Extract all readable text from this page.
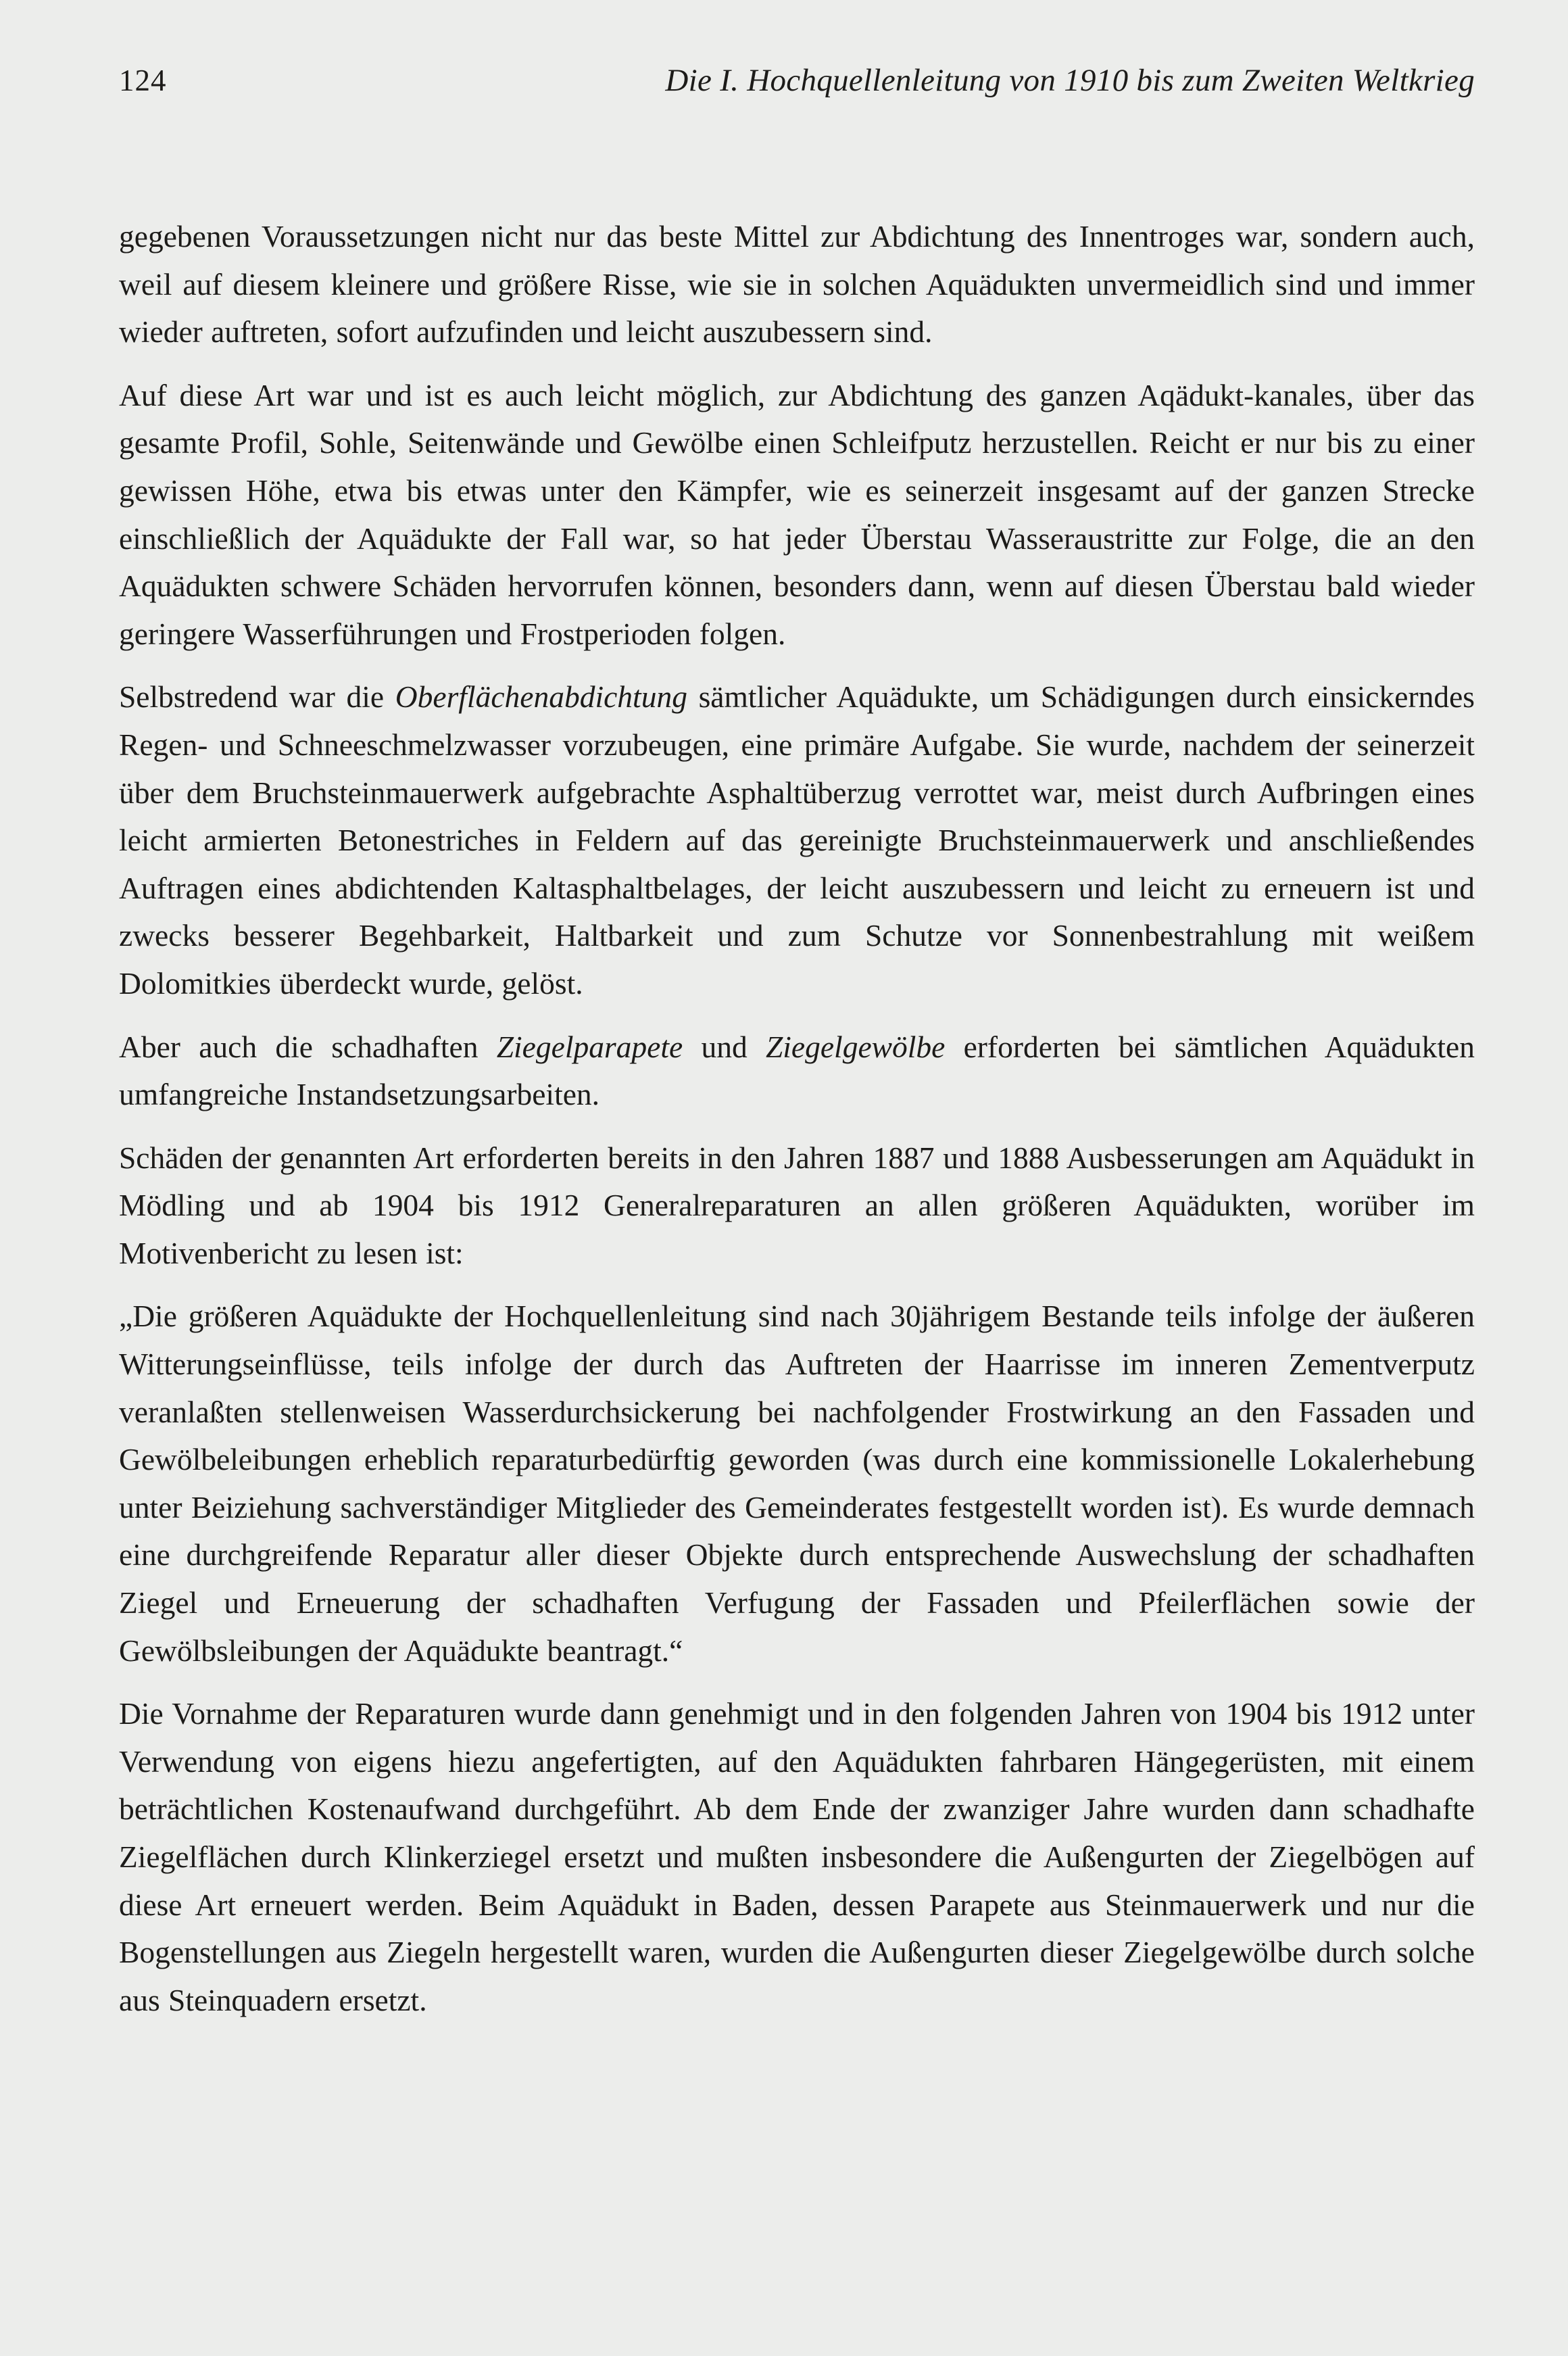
124	Die I. Hochquellenleitung von 1910 bis zum Zweiten Weltkrieg

gegebenen Voraussetzungen nicht nur das beste Mittel zur Abdichtung des Innentroges war, sondern auch, weil auf diesem kleinere und größere Risse, wie sie in solchen Aquädukten unvermeidlich sind und immer wieder auftreten, sofort aufzufinden und leicht auszubessern sind.

Auf diese Art war und ist es auch leicht möglich, zur Abdichtung des ganzen Aqädukt-kanales, über das gesamte Profil, Sohle, Seitenwände und Gewölbe einen Schleifputz herzustellen. Reicht er nur bis zu einer gewissen Höhe, etwa bis etwas unter den Kämpfer, wie es seinerzeit insgesamt auf der ganzen Strecke einschließlich der Aquädukte der Fall war, so hat jeder Überstau Wasseraustritte zur Folge, die an den Aquädukten schwere Schäden hervorrufen können, besonders dann, wenn auf diesen Überstau bald wieder geringere Wasserführungen und Frostperioden folgen.

Selbstredend war die Oberflächenabdichtung sämtlicher Aquädukte, um Schädigungen durch einsickerndes Regen- und Schneeschmelzwasser vorzubeugen, eine primäre Aufgabe. Sie wurde, nachdem der seinerzeit über dem Bruchsteinmauerwerk aufgebrachte Asphaltüberzug verrottet war, meist durch Aufbringen eines leicht armierten Betonestriches in Feldern auf das gereinigte Bruchsteinmauerwerk und anschließendes Auftragen eines abdichtenden Kaltasphaltbelages, der leicht auszubessern und leicht zu erneuern ist und zwecks besserer Begehbarkeit, Haltbarkeit und zum Schutze vor Sonnenbestrahlung mit weißem Dolomitkies überdeckt wurde, gelöst.

Aber auch die schadhaften Ziegelparapete und Ziegelgewölbe erforderten bei sämtlichen Aquädukten umfangreiche Instandsetzungsarbeiten.

Schäden der genannten Art erforderten bereits in den Jahren 1887 und 1888 Ausbesserungen am Aquädukt in Mödling und ab 1904 bis 1912 Generalreparaturen an allen größeren Aquädukten, worüber im Motivenbericht zu lesen ist:

„Die größeren Aquädukte der Hochquellenleitung sind nach 30jährigem Bestande teils infolge der äußeren Witterungseinflüsse, teils infolge der durch das Auftreten der Haarrisse im inneren Zementverputz veranlaßten stellenweisen Wasserdurchsickerung bei nachfolgender Frostwirkung an den Fassaden und Gewölbeleibungen erheblich reparaturbedürftig geworden (was durch eine kommissionelle Lokalerhebung unter Beiziehung sachverständiger Mitglieder des Gemeinderates festgestellt worden ist). Es wurde demnach eine durchgreifende Reparatur aller dieser Objekte durch entsprechende Auswechslung der schadhaften Ziegel und Erneuerung der schadhaften Verfugung der Fassaden und Pfeilerflächen sowie der Gewölbsleibungen der Aquädukte beantragt.“

Die Vornahme der Reparaturen wurde dann genehmigt und in den folgenden Jahren von 1904 bis 1912 unter Verwendung von eigens hiezu angefertigten, auf den Aquädukten fahrbaren Hängegerüsten, mit einem beträchtlichen Kostenaufwand durchgeführt. Ab dem Ende der zwanziger Jahre wurden dann schadhafte Ziegelflächen durch Klinkerziegel ersetzt und mußten insbesondere die Außengurten der Ziegelbögen auf diese Art erneuert werden. Beim Aquädukt in Baden, dessen Parapete aus Steinmauerwerk und nur die Bogenstellungen aus Ziegeln hergestellt waren, wurden die Außengurten dieser Ziegelgewölbe durch solche aus Steinquadern ersetzt.
